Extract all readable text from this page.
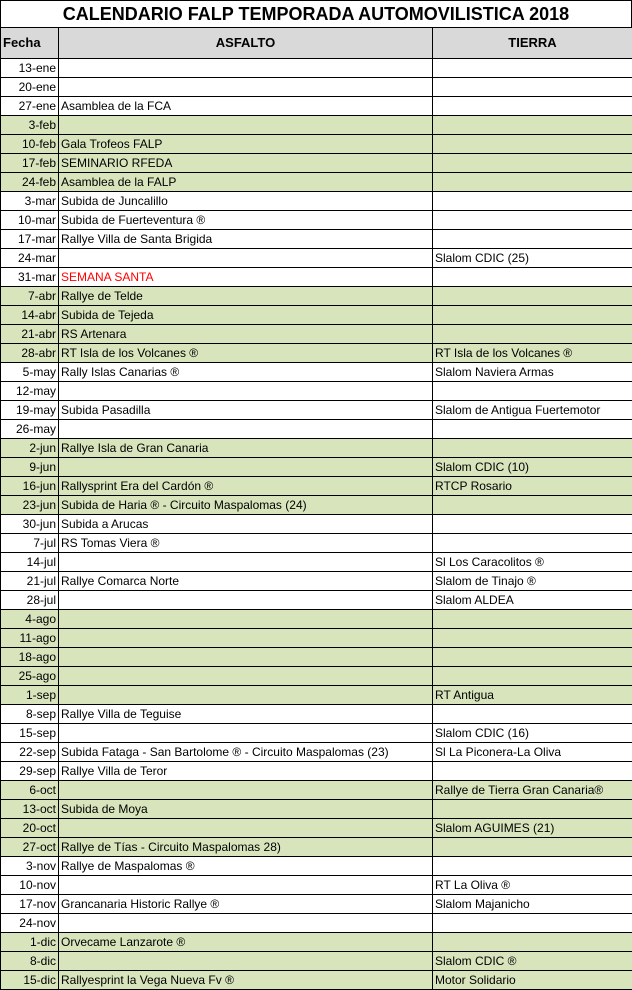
CALENDARIO FALP TEMPORADA AUTOMOVILISTICA 2018
Fecha	ASFALTO	TIERRA
13-ene		
20-ene		
27-ene	Asamblea de la FCA	
3-feb		
10-feb	Gala Trofeos FALP	
17-feb	SEMINARIO RFEDA	
24-feb	Asamblea de la FALP	
3-mar	Subida de Juncalillo	
10-mar	Subida de Fuerteventura ®	
17-mar	Rallye Villa de Santa Brigida	
24-mar		Slalom CDIC (25)
31-mar	SEMANA SANTA	
7-abr	Rallye de Telde	
14-abr	Subida de Tejeda	
21-abr	RS Artenara	
28-abr	RT Isla de los Volcanes ®	RT Isla de los Volcanes ®
5-may	Rally Islas Canarias ®	Slalom Naviera Armas
12-may		
19-may	Subida Pasadilla	Slalom de Antigua Fuertemotor
26-may		
2-jun	Rallye Isla de Gran Canaria	
9-jun		Slalom CDIC (10)
16-jun	Rallysprint Era del Cardón ®	RTCP Rosario
23-jun	Subida de Haria ® - Circuito Maspalomas (24)	
30-jun	Subida a Arucas	
7-jul	RS Tomas Viera ®	
14-jul		Sl Los Caracolitos ®
21-jul	Rallye Comarca Norte	Slalom de Tinajo ®
28-jul		Slalom ALDEA
4-ago		
11-ago		
18-ago		
25-ago		
1-sep		RT Antigua
8-sep	Rallye Villa de Teguise	
15-sep		Slalom CDIC (16)
22-sep	Subida Fataga - San Bartolome ® - Circuito Maspalomas (23)	Sl La Piconera-La Oliva
29-sep	Rallye Villa de Teror	
6-oct		Rallye de Tierra Gran Canaria®
13-oct	Subida de Moya	
20-oct		Slalom AGUIMES (21)
27-oct	Rallye de Tías - Circuito Maspalomas 28)	
3-nov	Rallye de Maspalomas ®	
10-nov		RT La Oliva ®
17-nov	Grancanaria Historic Rallye ®	Slalom Majanicho
24-nov		
1-dic	Orvecame Lanzarote ®	
8-dic		Slalom CDIC ®
15-dic	Rallyesprint la Vega Nueva Fv ®	Motor Solidario
